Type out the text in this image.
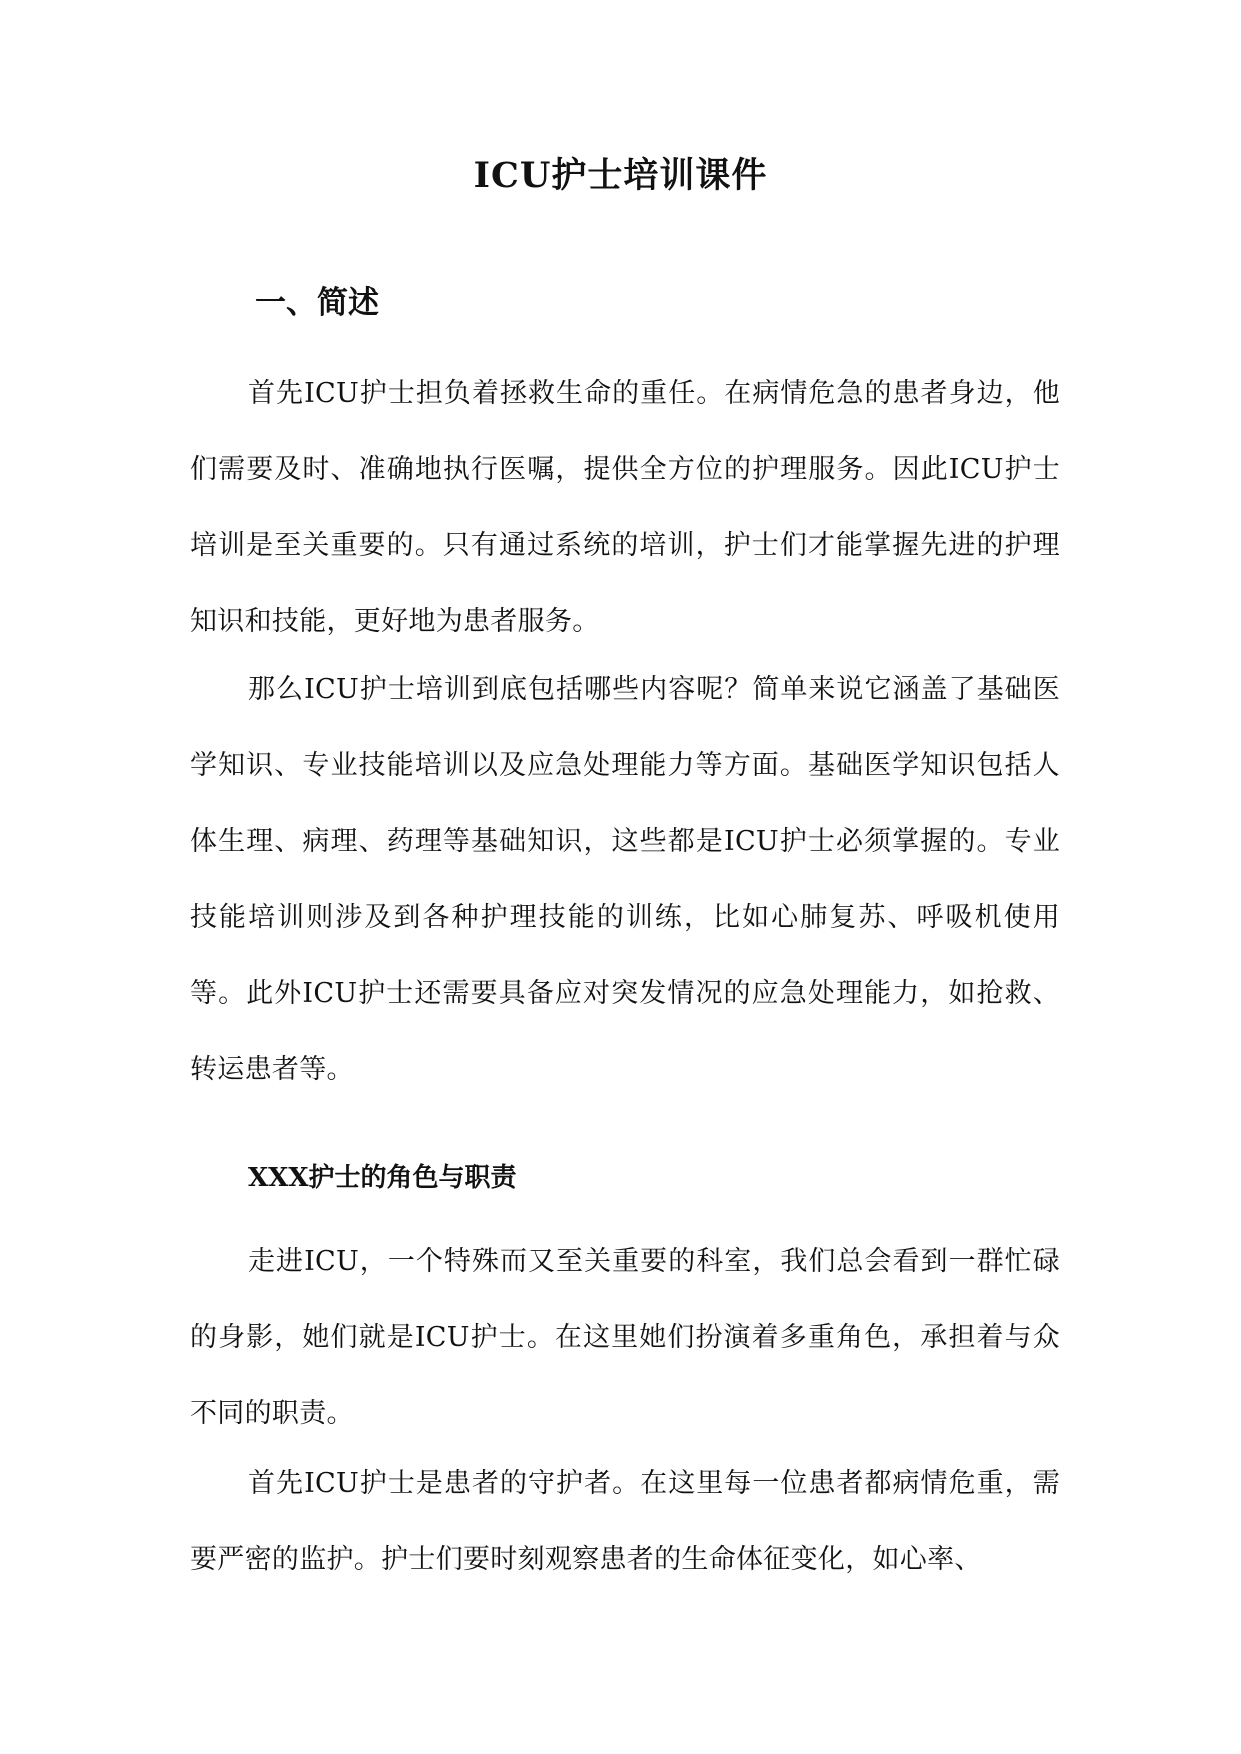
ICU护士培训课件
一、简述

首先ICU护士担负着拯救生命的重任。在病情危急的患者身边，他们需要及时、准确地执行医嘱，提供全方位的护理服务。因此ICU护士培训是至关重要的。只有通过系统的培训，护士们才能掌握先进的护理知识和技能，更好地为患者服务。

那么ICU护士培训到底包括哪些内容呢？简单来说它涵盖了基础医学知识、专业技能培训以及应急处理能力等方面。基础医学知识包括人体生理、病理、药理等基础知识，这些都是ICU护士必须掌握的。专业技能培训则涉及到各种护理技能的训练，比如心肺复苏、呼吸机使用等。此外ICU护士还需要具备应对突发情况的应急处理能力，如抢救、转运患者等。

XXX护士的角色与职责

走进ICU，一个特殊而又至关重要的科室，我们总会看到一群忙碌的身影，她们就是ICU护士。在这里她们扮演着多重角色，承担着与众不同的职责。

首先ICU护士是患者的守护者。在这里每一位患者都病情危重，需要严密的监护。护士们要时刻观察患者的生命体征变化，如心率、
